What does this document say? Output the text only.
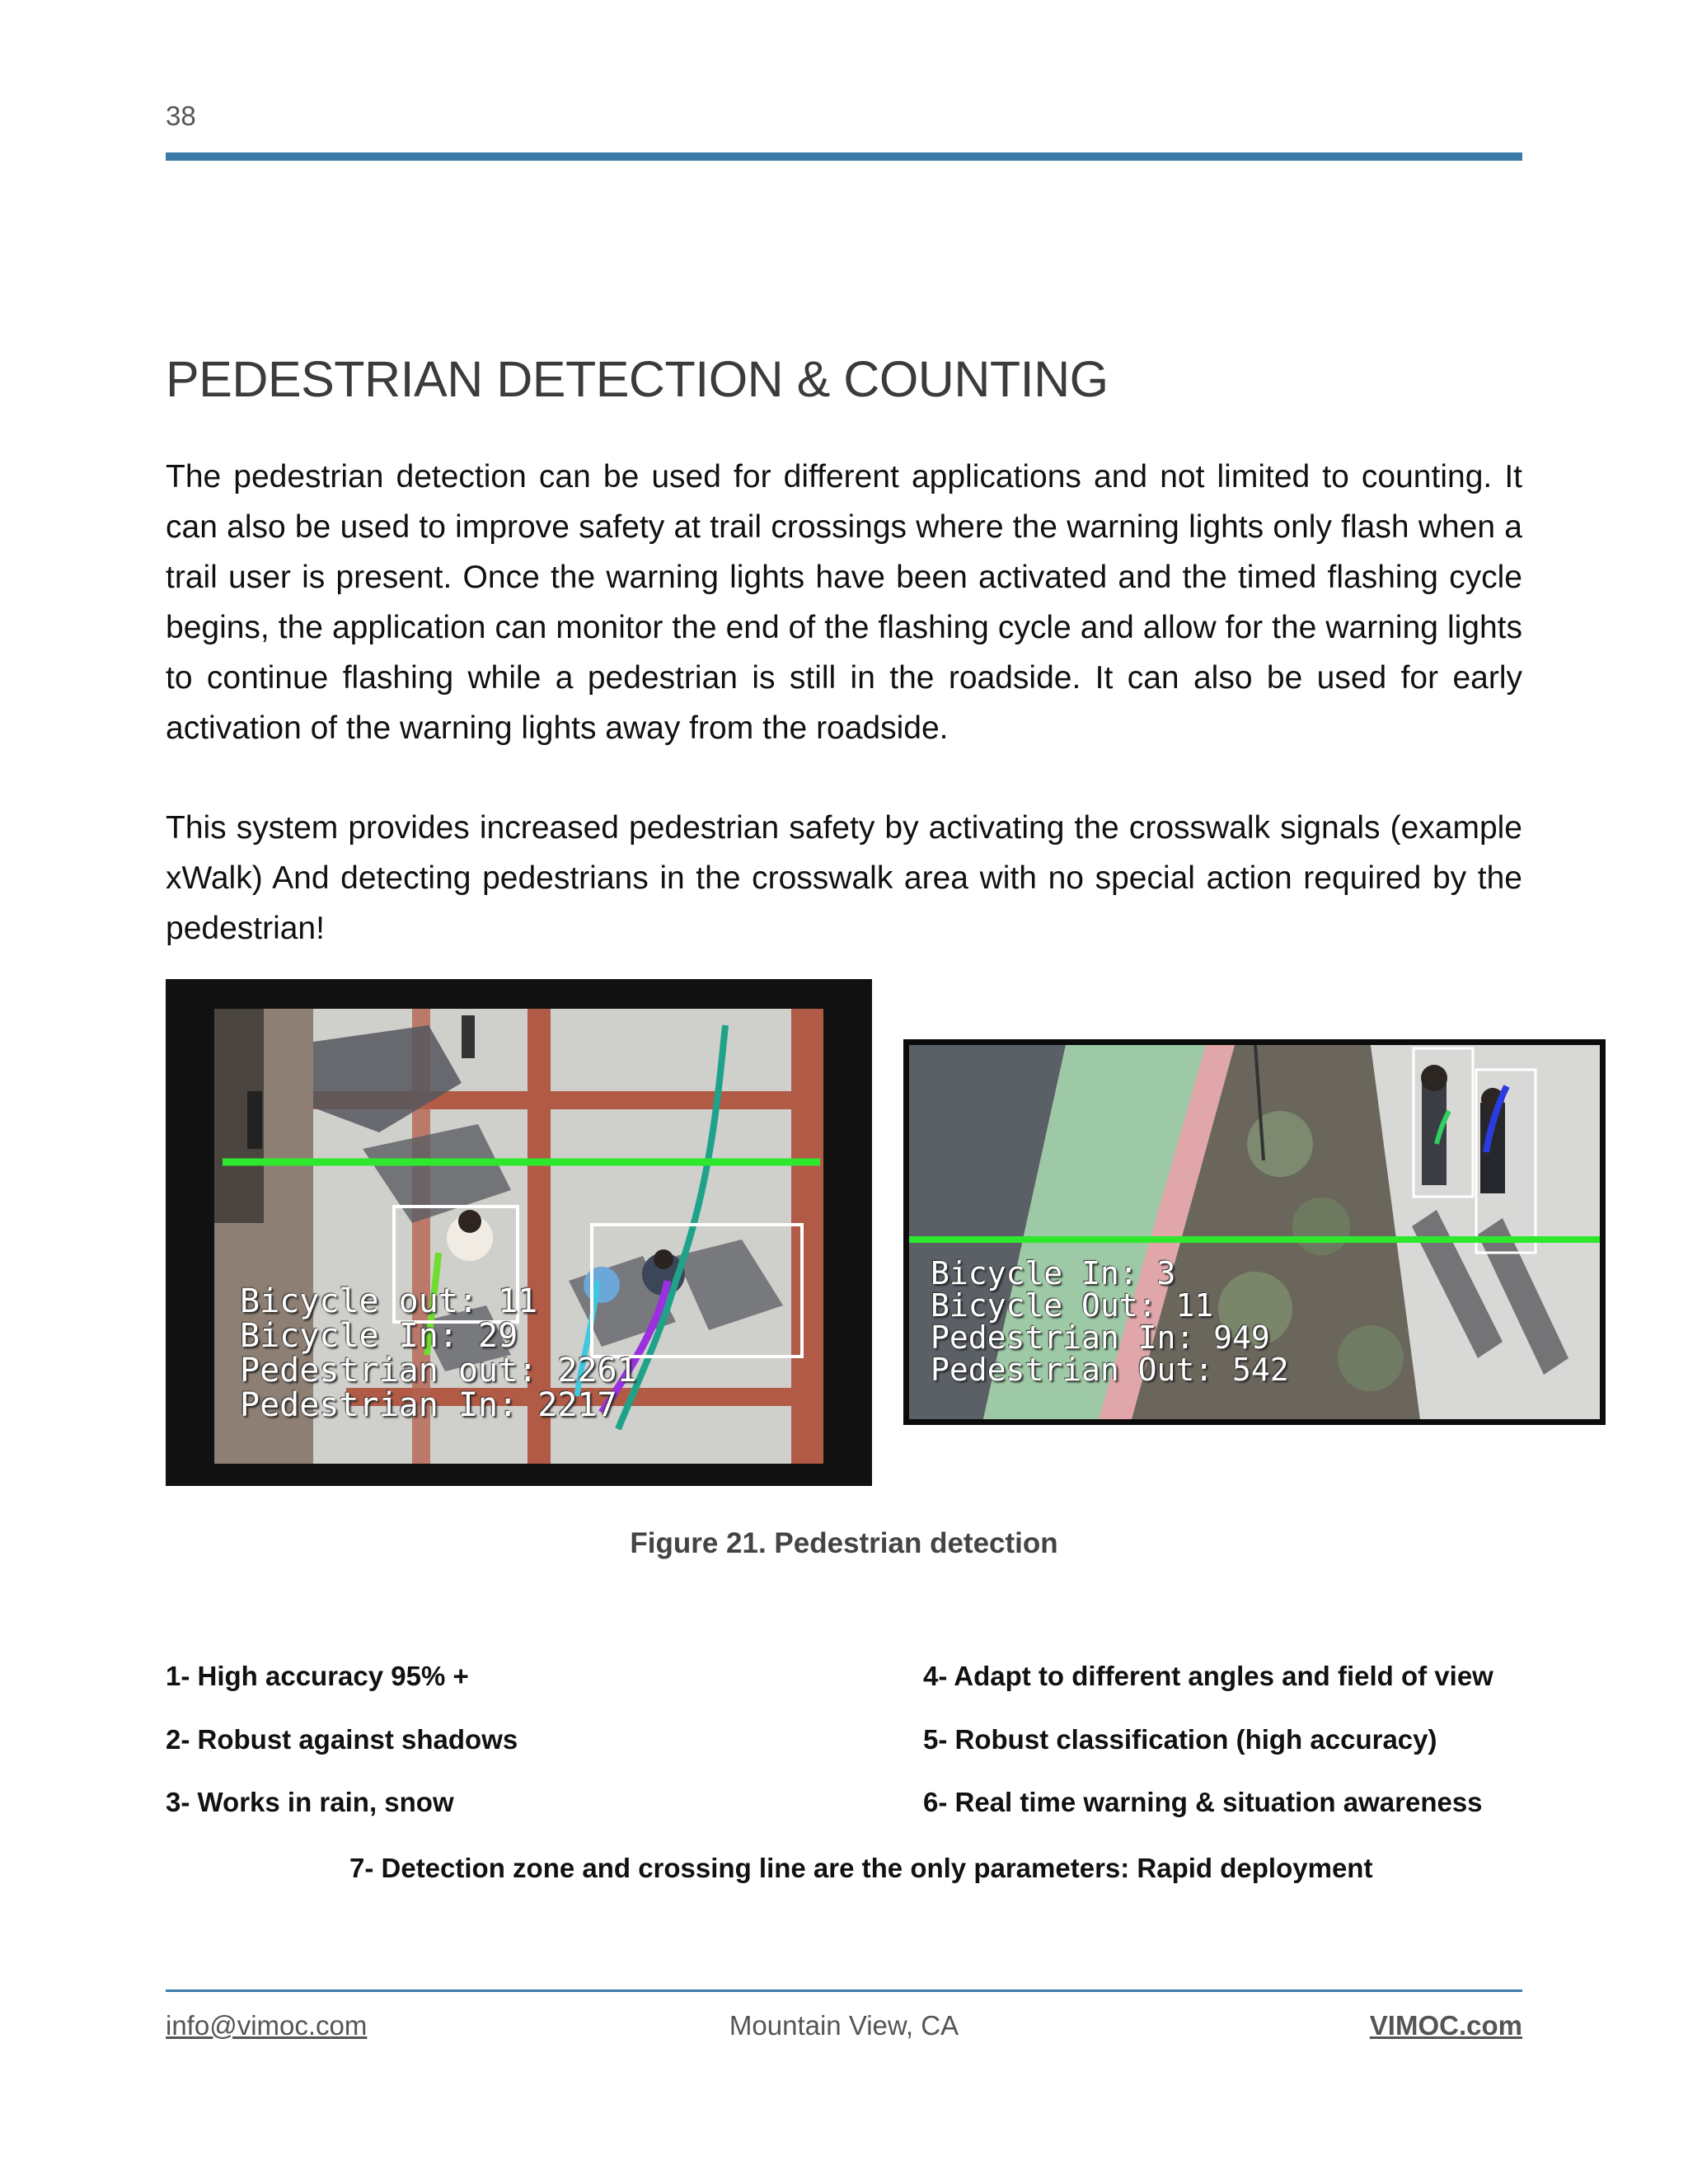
38
PEDESTRIAN DETECTION & COUNTING

The pedestrian detection can be used for different applications and not limited to counting. It can also be used to improve safety at trail crossings where the warning lights only flash when a trail user is present. Once the warning lights have been activated and the timed flashing cycle begins, the application can monitor the end of the flashing cycle and allow for the warning lights to continue flashing while a pedestrian is still in the roadside. It can also be used for early activation of the warning lights away from the roadside.

This system provides increased pedestrian safety by activating the crosswalk signals (example xWalk) And detecting pedestrians in the crosswalk area with no special action required by the pedestrian!

Bicycle out: 11
Bicycle In: 29
Pedestrian out: 2261
Pedestrian In: 2217
Bicycle In: 3
Bicycle Out: 11
Pedestrian In: 949
Pedestrian Out: 542
Figure 21. Pedestrian detection
1- High accuracy 95% +
2- Robust against shadows
3- Works in rain, snow
4- Adapt to different angles and field of view
5- Robust classification (high accuracy)
6- Real time warning & situation awareness
7- Detection zone and crossing line are the only parameters: Rapid deployment
info@vimoc.com	Mountain View, CA	VIMOC.com
